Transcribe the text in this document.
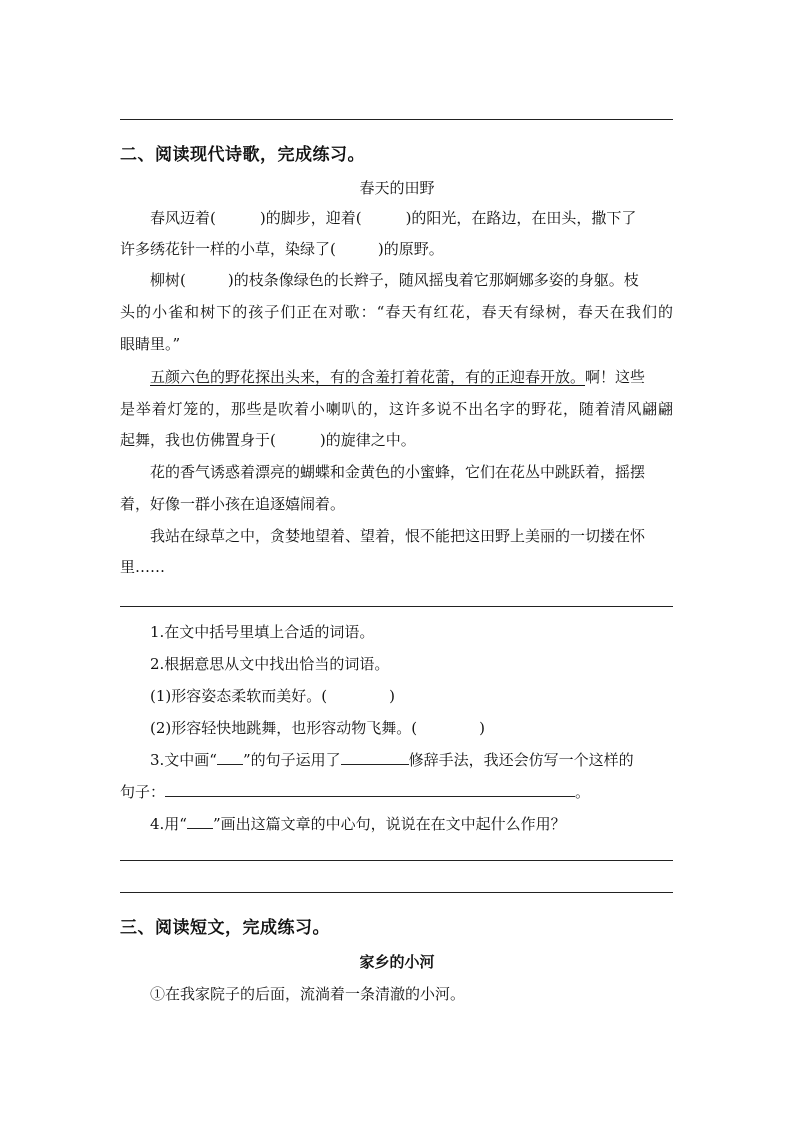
二、阅读现代诗歌，完成练习。
春天的田野
春风迈着(	)的脚步，迎着(	)的阳光，在路边，在田头，撒下了
许多绣花针一样的小草，染绿了(	)的原野。
柳树(	)的枝条像绿色的长辫子，随风摇曳着它那婀娜多姿的身躯。枝
头的小雀和树下的孩子们正在对歌：“春天有红花，春天有绿树，春天在我们的
眼睛里。”
五颜六色的野花探出头来，有的含羞打着花蕾，有的正迎春开放。啊！这些
是举着灯笼的，那些是吹着小喇叭的，这许多说不出名字的野花，随着清风翩翩
起舞，我也仿佛置身于(	)的旋律之中。
花的香气诱惑着漂亮的蝴蝶和金黄色的小蜜蜂，它们在花丛中跳跃着，摇摆
着，好像一群小孩在追逐嬉闹着。
我站在绿草之中，贪婪地望着、望着，恨不能把这田野上美丽的一切搂在怀
里……
1.在文中括号里填上合适的词语。
2.根据意思从文中找出恰当的词语。
(1)形容姿态柔软而美好。(	)
(2)形容轻快地跳舞，也形容动物飞舞。(	)
3.文中画“ ”的句子运用了	修辞手法，我还会仿写一个这样的
句子：	。
4.用“ ”画出这篇文章的中心句，说说在在文中起什么作用？
三、阅读短文，完成练习。
家乡的小河
①在我家院子的后面，流淌着一条清澈的小河。
